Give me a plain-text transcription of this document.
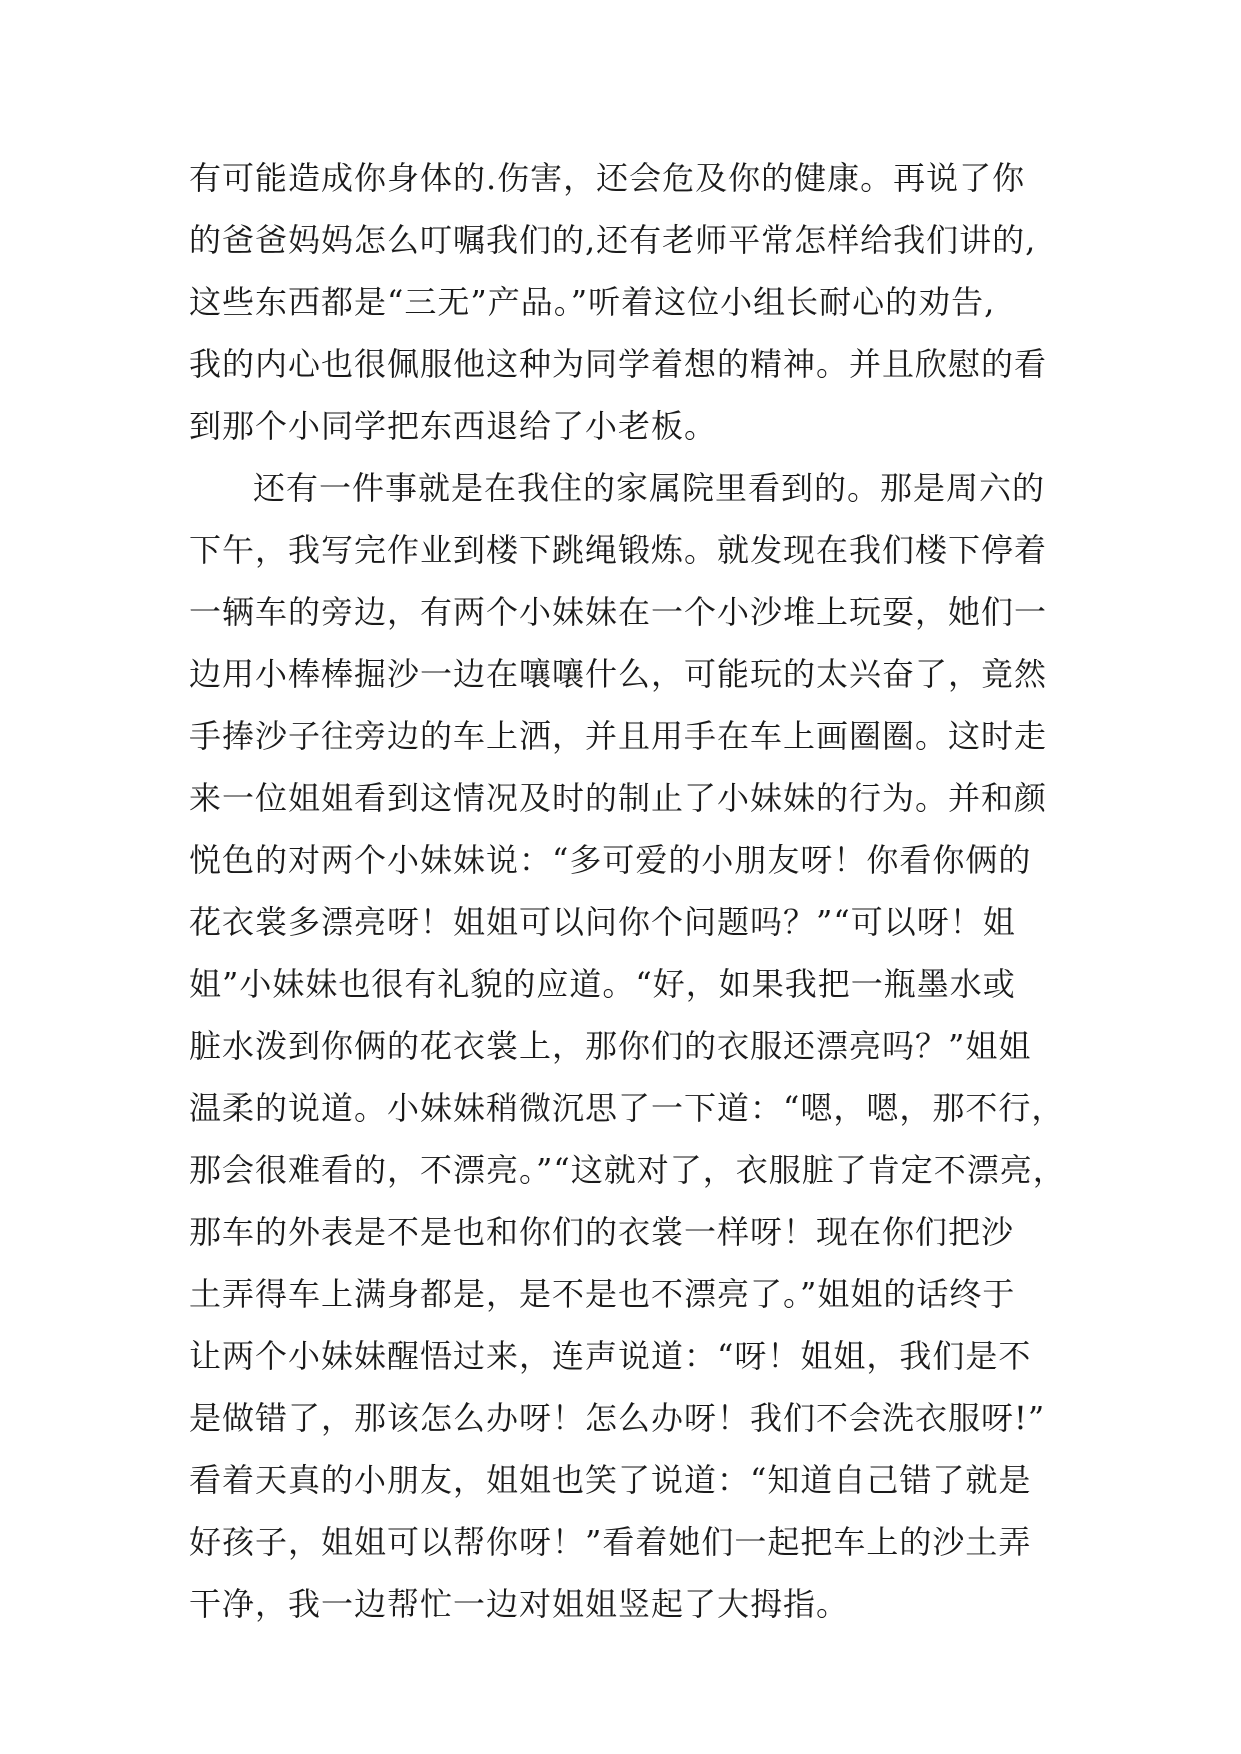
有可能造成你身体的.伤害，还会危及你的健康。再说了你
的爸爸妈妈怎么叮嘱我们的,还有老师平常怎样给我们讲的,
这些东西都是“三无”产品。”听着这位小组长耐心的劝告,
我的内心也很佩服他这种为同学着想的精神。并且欣慰的看
到那个小同学把东西退给了小老板。
还有一件事就是在我住的家属院里看到的。那是周六的
下午，我写完作业到楼下跳绳锻炼。就发现在我们楼下停着
一辆车的旁边，有两个小妹妹在一个小沙堆上玩耍，她们一
边用小棒棒掘沙一边在嚷嚷什么，可能玩的太兴奋了，竟然
手捧沙子往旁边的车上洒，并且用手在车上画圈圈。这时走
来一位姐姐看到这情况及时的制止了小妹妹的行为。并和颜
悦色的对两个小妹妹说：“多可爱的小朋友呀！你看你俩的
花衣裳多漂亮呀！姐姐可以问你个问题吗？”“可以呀！姐
姐”小妹妹也很有礼貌的应道。“好，如果我把一瓶墨水或
脏水泼到你俩的花衣裳上，那你们的衣服还漂亮吗？”姐姐
温柔的说道。小妹妹稍微沉思了一下道：“嗯，嗯，那不行，
那会很难看的，不漂亮。”“这就对了，衣服脏了肯定不漂亮，
那车的外表是不是也和你们的衣裳一样呀！现在你们把沙
土弄得车上满身都是，是不是也不漂亮了。”姐姐的话终于
让两个小妹妹醒悟过来，连声说道：“呀！姐姐，我们是不
是做错了，那该怎么办呀！怎么办呀！我们不会洗衣服呀!”
看着天真的小朋友，姐姐也笑了说道：“知道自己错了就是
好孩子，姐姐可以帮你呀！”看着她们一起把车上的沙土弄
干净，我一边帮忙一边对姐姐竖起了大拇指。
